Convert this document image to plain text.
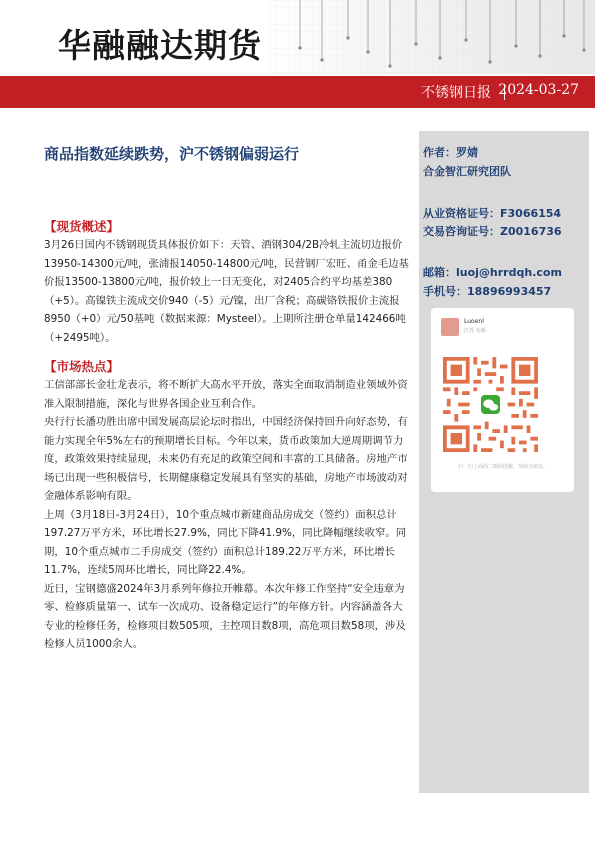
华融融达期货
不锈钢日报 2024-03-27
商品指数延续跌势，沪不锈钢偏弱运行	作者：罗婧
合金智汇研究团队
从业资格证号：F3066154
交易咨询证号：Z0016736
邮箱：luoj@hrrdqh.com
手机号：18896993457
Luoenl
江苏 无锡
扫一扫上面的二维码图案，加我为朋友。
【现货概述】

3月26日国内不锈钢现货具体报价如下：天管、酒钢304/2B冷轧主流切边报价13950-14300元/吨，张浦报14050-14800元/吨，民营钢厂宏旺、甬金毛边基价报13500-13800元/吨，报价较上一日无变化，对2405合约平均基差380（+5）。高镍铁主流成交价940（-5）元/镍，出厂含税；高碳铬铁报价主流报8950（+0）元/50基吨（数据来源：Mysteel）。上期所注册仓单量142466吨（+2495吨）。

【市场热点】

工信部部长金壮龙表示，将不断扩大高水平开放，落实全面取消制造业领域外资准入限制措施，深化与世界各国企业互利合作。

央行行长潘功胜出席中国发展高层论坛时指出，中国经济保持回升向好态势，有能力实现全年5%左右的预期增长目标。今年以来，货币政策加大逆周期调节力度，政策效果持续显现，未来仍有充足的政策空间和丰富的工具储备。房地产市场已出现一些积极信号，长期健康稳定发展具有坚实的基础，房地产市场波动对金融体系影响有限。

上周（3月18日-3月24日），10个重点城市新建商品房成交（签约）面积总计197.27万平方米，环比增长27.9%，同比下降41.9%，同比降幅继续收窄。同期，10个重点城市二手房成交（签约）面积总计189.22万平方米，环比增长11.7%，连续5周环比增长，同比降22.4%。

近日，宝钢德盛2024年3月系列年修拉开帷幕。本次年修工作坚持“安全违章为零、检修质量第一、试车一次成功、设备稳定运行”的年修方针。内容涵盖各大专业的检修任务，检修项目数505项，主控项目数8项，高危项目数58项，涉及检修人员1000余人。
